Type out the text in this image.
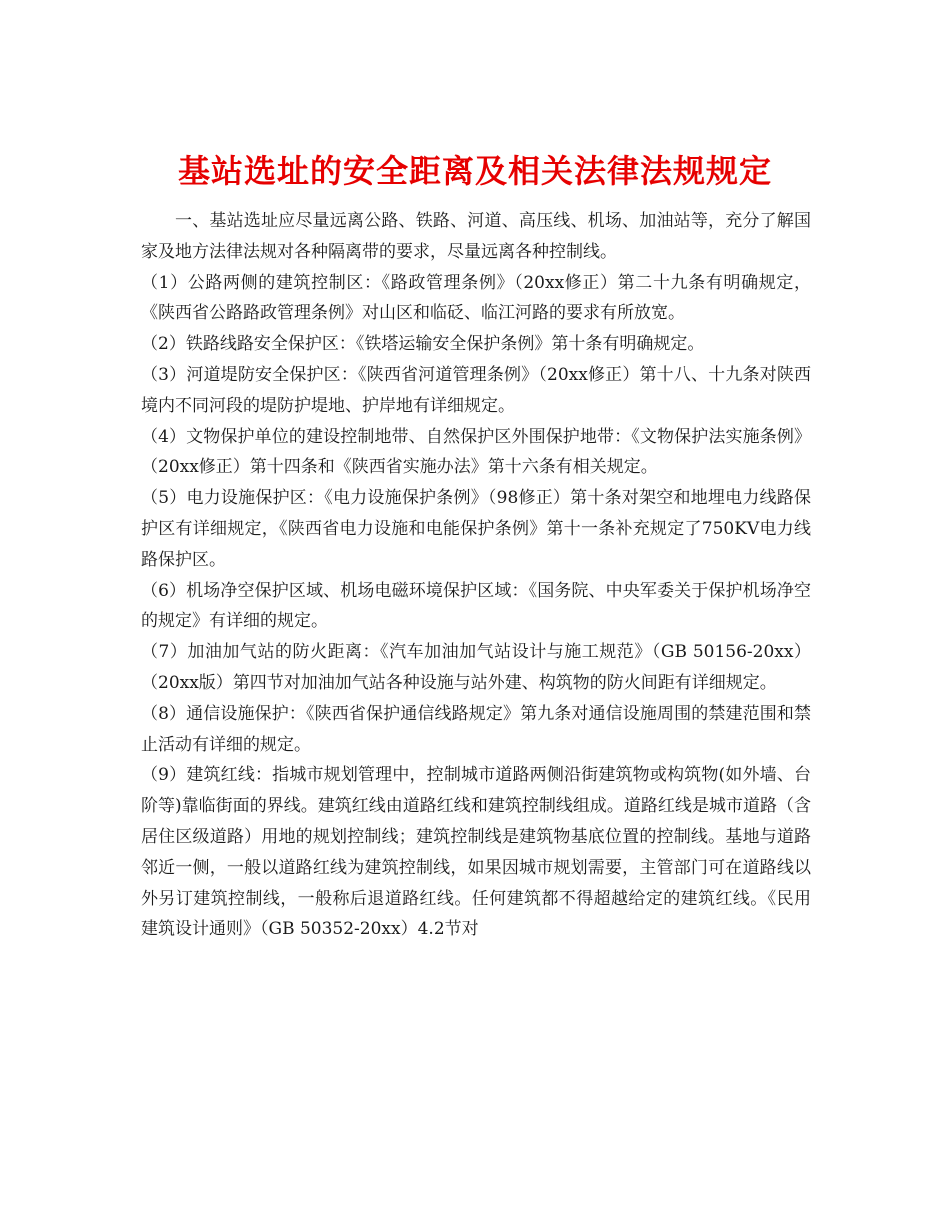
基站选址的安全距离及相关法律法规规定

一、基站选址应尽量远离公路、铁路、河道、高压线、机场、加油站等，充分了解国家及地方法律法规对各种隔离带的要求，尽量远离各种控制线。

（1）公路两侧的建筑控制区：《路政管理条例》（20xx修正）第二十九条有明确规定，《陕西省公路路政管理条例》对山区和临砭、临江河路的要求有所放宽。

（2）铁路线路安全保护区：《铁塔运输安全保护条例》第十条有明确规定。

（3）河道堤防安全保护区：《陕西省河道管理条例》（20xx修正）第十八、十九条对陕西境内不同河段的堤防护堤地、护岸地有详细规定。

（4）文物保护单位的建设控制地带、自然保护区外围保护地带：《文物保护法实施条例》（20xx修正）第十四条和《陕西省实施办法》第十六条有相关规定。

（5）电力设施保护区：《电力设施保护条例》（98修正）第十条对架空和地埋电力线路保护区有详细规定，《陕西省电力设施和电能保护条例》第十一条补充规定了750KV电力线路保护区。

（6）机场净空保护区域、机场电磁环境保护区域：《国务院、中央军委关于保护机场净空的规定》有详细的规定。

（7）加油加气站的防火距离：《汽车加油加气站设计与施工规范》（GB 50156-20xx）（20xx版）第四节对加油加气站各种设施与站外建、构筑物的防火间距有详细规定。

（8）通信设施保护：《陕西省保护通信线路规定》第九条对通信设施周围的禁建范围和禁止活动有详细的规定。

（9）建筑红线：指城市规划管理中，控制城市道路两侧沿街建筑物或构筑物(如外墙、台阶等)靠临街面的界线。建筑红线由道路红线和建筑控制线组成。道路红线是城市道路（含居住区级道路）用地的规划控制线；建筑控制线是建筑物基底位置的控制线。基地与道路邻近一侧，一般以道路红线为建筑控制线，如果因城市规划需要，主管部门可在道路线以外另订建筑控制线，一般称后退道路红线。任何建筑都不得超越给定的建筑红线。《民用建筑设计通则》（GB 50352-20xx）4.2节对
